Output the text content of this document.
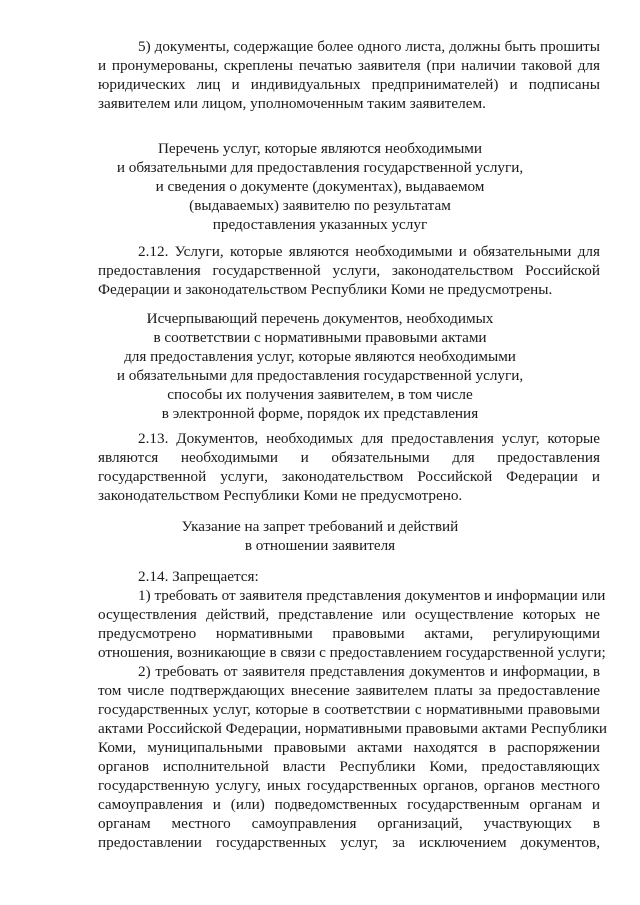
5) документы, содержащие более одного листа, должны быть прошиты
и пронумерованы, скреплены печатью заявителя (при наличии таковой для
юридических лиц и индивидуальных предпринимателей) и подписаны
заявителем или лицом, уполномоченным таким заявителем.
Перечень услуг, которые являются необходимыми
и обязательными для предоставления государственной услуги,
и сведения о документе (документах), выдаваемом
(выдаваемых) заявителю по результатам
предоставления указанных услуг
2.12. Услуги, которые являются необходимыми и обязательными для
предоставления государственной услуги, законодательством Российской
Федерации и законодательством Республики Коми не предусмотрены.
Исчерпывающий перечень документов, необходимых
в соответствии с нормативными правовыми актами
для предоставления услуг, которые являются необходимыми
и обязательными для предоставления государственной услуги,
способы их получения заявителем, в том числе
в электронной форме, порядок их представления
2.13. Документов, необходимых для предоставления услуг, которые
являются необходимыми и обязательными для предоставления
государственной услуги, законодательством Российской Федерации и
законодательством Республики Коми не предусмотрено.
Указание на запрет требований и действий
в отношении заявителя
2.14. Запрещается:
1) требовать от заявителя представления документов и информации или
осуществления действий, представление или осуществление которых не
предусмотрено нормативными правовыми актами, регулирующими
отношения, возникающие в связи с предоставлением государственной услуги;
2) требовать от заявителя представления документов и информации, в
том числе подтверждающих внесение заявителем платы за предоставление
государственных услуг, которые в соответствии с нормативными правовыми
актами Российской Федерации, нормативными правовыми актами Республики
Коми, муниципальными правовыми актами находятся в распоряжении
органов исполнительной власти Республики Коми, предоставляющих
государственную услугу, иных государственных органов, органов местного
самоуправления и (или) подведомственных государственным органам и
органам местного самоуправления организаций, участвующих в
предоставлении государственных услуг, за исключением документов,
